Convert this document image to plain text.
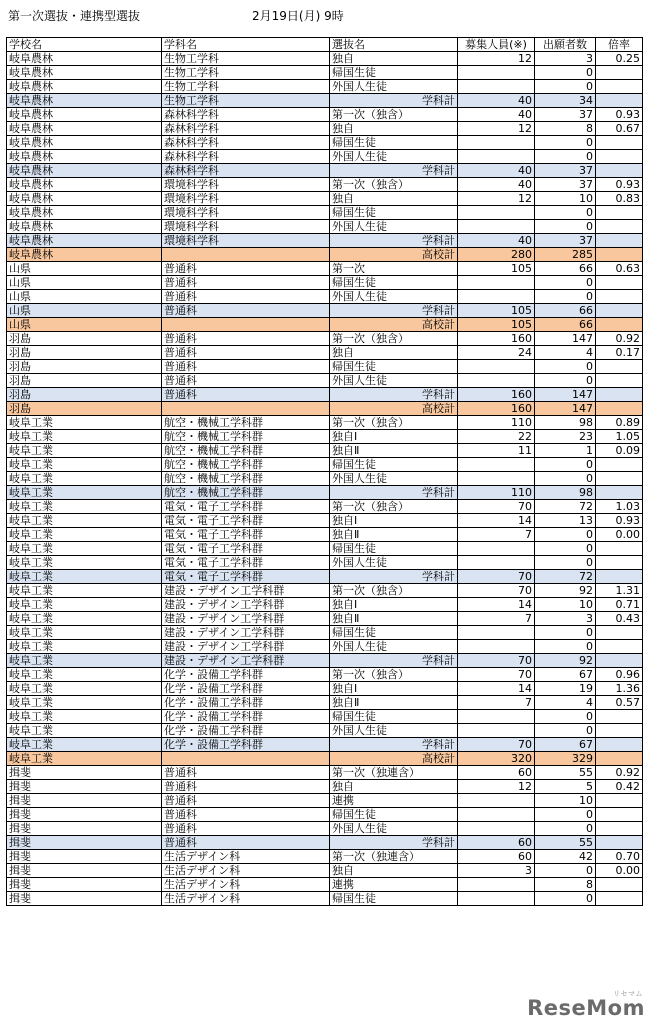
第一次選抜・連携型選抜	2月19日(月) 9時
学校名	学科名	選抜名	募集人員(※)	出願者数	倍率
岐阜農林	生物工学科	独自	12	3	0.25
岐阜農林	生物工学科	帰国生徒		0	
岐阜農林	生物工学科	外国人生徒		0	
岐阜農林	生物工学科	学科計	40	34	
岐阜農林	森林科学科	第一次（独含）	40	37	0.93
岐阜農林	森林科学科	独自	12	8	0.67
岐阜農林	森林科学科	帰国生徒		0	
岐阜農林	森林科学科	外国人生徒		0	
岐阜農林	森林科学科	学科計	40	37	
岐阜農林	環境科学科	第一次（独含）	40	37	0.93
岐阜農林	環境科学科	独自	12	10	0.83
岐阜農林	環境科学科	帰国生徒		0	
岐阜農林	環境科学科	外国人生徒		0	
岐阜農林	環境科学科	学科計	40	37	
岐阜農林		高校計	280	285	
山県	普通科	第一次	105	66	0.63
山県	普通科	帰国生徒		0	
山県	普通科	外国人生徒		0	
山県	普通科	学科計	105	66	
山県		高校計	105	66	
羽島	普通科	第一次（独含）	160	147	0.92
羽島	普通科	独自	24	4	0.17
羽島	普通科	帰国生徒		0	
羽島	普通科	外国人生徒		0	
羽島	普通科	学科計	160	147	
羽島		高校計	160	147	
岐阜工業	航空・機械工学科群	第一次（独含）	110	98	0.89
岐阜工業	航空・機械工学科群	独自Ⅰ	22	23	1.05
岐阜工業	航空・機械工学科群	独自Ⅱ	11	1	0.09
岐阜工業	航空・機械工学科群	帰国生徒		0	
岐阜工業	航空・機械工学科群	外国人生徒		0	
岐阜工業	航空・機械工学科群	学科計	110	98	
岐阜工業	電気・電子工学科群	第一次（独含）	70	72	1.03
岐阜工業	電気・電子工学科群	独自Ⅰ	14	13	0.93
岐阜工業	電気・電子工学科群	独自Ⅱ	7	0	0.00
岐阜工業	電気・電子工学科群	帰国生徒		0	
岐阜工業	電気・電子工学科群	外国人生徒		0	
岐阜工業	電気・電子工学科群	学科計	70	72	
岐阜工業	建設・デザイン工学科群	第一次（独含）	70	92	1.31
岐阜工業	建設・デザイン工学科群	独自Ⅰ	14	10	0.71
岐阜工業	建設・デザイン工学科群	独自Ⅱ	7	3	0.43
岐阜工業	建設・デザイン工学科群	帰国生徒		0	
岐阜工業	建設・デザイン工学科群	外国人生徒		0	
岐阜工業	建設・デザイン工学科群	学科計	70	92	
岐阜工業	化学・設備工学科群	第一次（独含）	70	67	0.96
岐阜工業	化学・設備工学科群	独自Ⅰ	14	19	1.36
岐阜工業	化学・設備工学科群	独自Ⅱ	7	4	0.57
岐阜工業	化学・設備工学科群	帰国生徒		0	
岐阜工業	化学・設備工学科群	外国人生徒		0	
岐阜工業	化学・設備工学科群	学科計	70	67	
岐阜工業		高校計	320	329	
揖斐	普通科	第一次（独連含）	60	55	0.92
揖斐	普通科	独自	12	5	0.42
揖斐	普通科	連携		10	
揖斐	普通科	帰国生徒		0	
揖斐	普通科	外国人生徒		0	
揖斐	普通科	学科計	60	55	
揖斐	生活デザイン科	第一次（独連含）	60	42	0.70
揖斐	生活デザイン科	独自	3	0	0.00
揖斐	生活デザイン科	連携		8	
揖斐	生活デザイン科	帰国生徒		0	
ReseMom
リセマム
